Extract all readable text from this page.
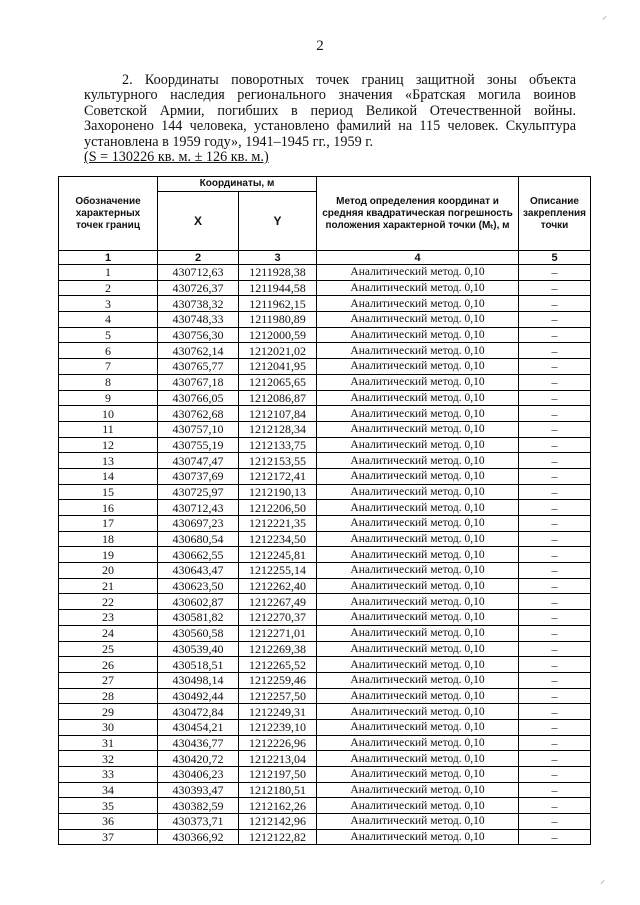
2

2. Координаты поворотных точек границ защитной зоны объекта культурного наследия регионального значения «Братская могила воинов Советской Армии, погибших в период Великой Отечественной войны. Захоронено 144 человека, установлено фамилий на 115 человек. Скульптура установлена в 1959 году», 1941–1945 гг., 1959 г.

(S = 130226 кв. м. ± 126 кв. м.)

Обозначение характерных точек границ	Координаты, м		Метод определения координат и средняя квадратическая погрешность положения характерной точки (Mₜ), м	Описание закрепления точки
	X	Y		
1	2	3	4	5
1	430712,63	1211928,38	Аналитический метод. 0,10	–
2	430726,37	1211944,58	Аналитический метод. 0,10	–
3	430738,32	1211962,15	Аналитический метод. 0,10	–
4	430748,33	1211980,89	Аналитический метод. 0,10	–
5	430756,30	1212000,59	Аналитический метод. 0,10	–
6	430762,14	1212021,02	Аналитический метод. 0,10	–
7	430765,77	1212041,95	Аналитический метод. 0,10	–
8	430767,18	1212065,65	Аналитический метод. 0,10	–
9	430766,05	1212086,87	Аналитический метод. 0,10	–
10	430762,68	1212107,84	Аналитический метод. 0,10	–
11	430757,10	1212128,34	Аналитический метод. 0,10	–
12	430755,19	1212133,75	Аналитический метод. 0,10	–
13	430747,47	1212153,55	Аналитический метод. 0,10	–
14	430737,69	1212172,41	Аналитический метод. 0,10	–
15	430725,97	1212190,13	Аналитический метод. 0,10	–
16	430712,43	1212206,50	Аналитический метод. 0,10	–
17	430697,23	1212221,35	Аналитический метод. 0,10	–
18	430680,54	1212234,50	Аналитический метод. 0,10	–
19	430662,55	1212245,81	Аналитический метод. 0,10	–
20	430643,47	1212255,14	Аналитический метод. 0,10	–
21	430623,50	1212262,40	Аналитический метод. 0,10	–
22	430602,87	1212267,49	Аналитический метод. 0,10	–
23	430581,82	1212270,37	Аналитический метод. 0,10	–
24	430560,58	1212271,01	Аналитический метод. 0,10	–
25	430539,40	1212269,38	Аналитический метод. 0,10	–
26	430518,51	1212265,52	Аналитический метод. 0,10	–
27	430498,14	1212259,46	Аналитический метод. 0,10	–
28	430492,44	1212257,50	Аналитический метод. 0,10	–
29	430472,84	1212249,31	Аналитический метод. 0,10	–
30	430454,21	1212239,10	Аналитический метод. 0,10	–
31	430436,77	1212226,96	Аналитический метод. 0,10	–
32	430420,72	1212213,04	Аналитический метод. 0,10	–
33	430406,23	1212197,50	Аналитический метод. 0,10	–
34	430393,47	1212180,51	Аналитический метод. 0,10	–
35	430382,59	1212162,26	Аналитический метод. 0,10	–
36	430373,71	1212142,96	Аналитический метод. 0,10	–
37	430366,92	1212122,82	Аналитический метод. 0,10	–
⸝
⸝
